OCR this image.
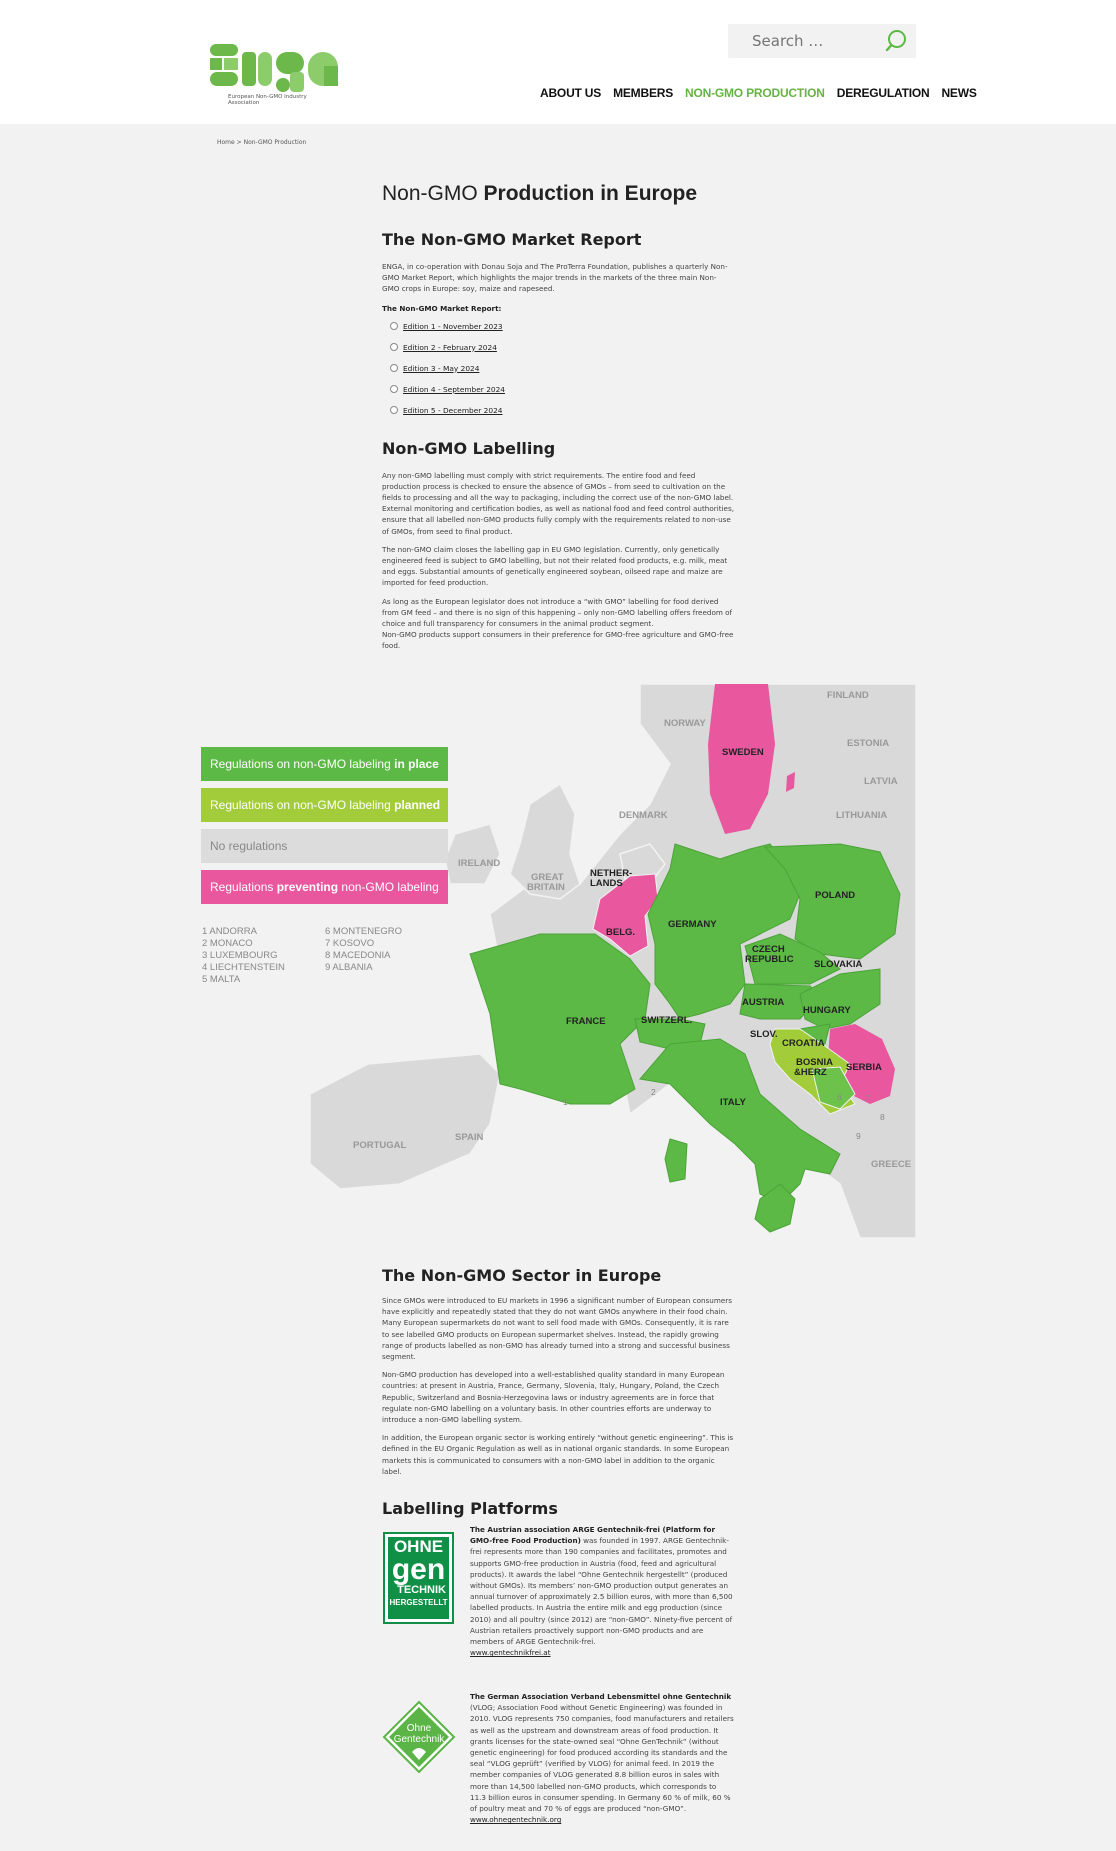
Enga
European Non-GMO Industry Association
Search …
ABOUT US MEMBERS NON-GMO PRODUCTION DEREGULATION NEWS
Home > Non-GMO Production
Non-GMO Production in Europe
The Non-GMO Market Report
ENGA, in co-operation with Donau Soja and The ProTerra Foundation, publishes a quarterly Non-GMO Market Report, which highlights the major trends in the markets of the three main Non-GMO crops in Europe: soy, maize and rapeseed.
The Non-GMO Market Report:
Edition 1 - November 2023
Edition 2 - February 2024
Edition 3 - May 2024
Edition 4 - September 2024
Edition 5 - December 2024
Non-GMO Labelling
Any non-GMO labelling must comply with strict requirements. The entire food and feed production process is checked to ensure the absence of GMOs – from seed to cultivation on the fields to processing and all the way to packaging, including the correct use of the non-GMO label. External monitoring and certification bodies, as well as national food and feed control authorities, ensure that all labelled non-GMO products fully comply with the requirements related to non-use of GMOs, from seed to final product.
The non-GMO claim closes the labelling gap in EU GMO legislation. Currently, only genetically engineered feed is subject to GMO labelling, but not their related food products, e.g. milk, meat and eggs. Substantial amounts of genetically engineered soybean, oilseed rape and maize are imported for feed production.
As long as the European legislator does not introduce a “with GMO” labelling for food derived from GM feed – and there is no sign of this happening – only non-GMO labelling offers freedom of choice and full transparency for consumers in the animal product segment.
Non-GMO products support consumers in their preference for GMO-free agriculture and GMO-free food.
FINLAND
NORWAY
SWEDEN
ESTONIA
LATVIA
LITHUANIA
DENMARK
IRELAND
GREAT
BRITAIN
NETHER-
LANDS
POLAND
GERMANY
BELG.
CZECH
REPUBLIC SLOVAKIA
AUSTRIA
HUNGARY
FRANCE	SWITZERL.
SLOV.
CROATIA
BOSNIA
&HERZ SERBIA
ITALY
PORTUGAL
SPAIN
GREECE
1
2	6	7
8
9
Regulations on non-GMO labeling in place
Regulations on non-GMO labeling planned
No regulations
Regulations preventing non-GMO labeling
1 ANDORRA
2 MONACO
3 LUXEMBOURG
4 LIECHTENSTEIN
5 MALTA
6 MONTENEGRO
7 KOSOVO
8 MACEDONIA
9 ALBANIA
The Non-GMO Sector in Europe
Since GMOs were introduced to EU markets in 1996 a significant number of European consumers have explicitly and repeatedly stated that they do not want GMOs anywhere in their food chain. Many European supermarkets do not want to sell food made with GMOs. Consequently, it is rare to see labelled GMO products on European supermarket shelves. Instead, the rapidly growing range of products labelled as non-GMO has already turned into a strong and successful business segment.
Non-GMO production has developed into a well-established quality standard in many European countries: at present in Austria, France, Germany, Slovenia, Italy, Hungary, Poland, the Czech Republic, Switzerland and Bosnia-Herzegovina laws or industry agreements are in force that regulate non-GMO labelling on a voluntary basis. In other countries efforts are underway to introduce a non-GMO labelling system.
In addition, the European organic sector is working entirely “without genetic engineering”. This is defined in the EU Organic Regulation as well as in national organic standards. In some European markets this is communicated to consumers with a non-GMO label in addition to the organic label.
Labelling Platforms
OHNE
gen
TECHNIK
HERGESTELLT
The Austrian association ARGE Gentechnik-frei (Platform for GMO-free Food Production) was founded in 1997. ARGE Gentechnik-frei represents more than 190 companies and facilitates, promotes and supports GMO-free production in Austria (food, feed and agricultural products). It awards the label “Ohne Gentechnik hergestellt” (produced without GMOs). Its members’ non-GMO production output generates an annual turnover of approximately 2.5 billion euros, with more than 6,500 labelled products. In Austria the entire milk and egg production (since 2010) and all poultry (since 2012) are “non-GMO”. Ninety-five percent of Austrian retailers proactively support non-GMO products and are members of ARGE Gentechnik-frei.
www.gentechnikfrei.at
Ohne
Gentechnik
The German Association Verband Lebensmittel ohne Gentechnik (VLOG; Association Food without Genetic Engineering) was founded in 2010. VLOG represents 750 companies, food manufacturers and retailers as well as the upstream and downstream areas of food production. It grants licenses for the state-owned seal “Ohne GenTechnik” (without genetic engineering) for food produced according its standards and the seal “VLOG geprüft” (verified by VLOG) for animal feed. In 2019 the member companies of VLOG generated 8.8 billion euros in sales with more than 14,500 labelled non-GMO products, which corresponds to 11.3 billion euros in consumer spending. In Germany 60 % of milk, 60 % of poultry meat and 70 % of eggs are produced “non-GMO”.
www.ohnegentechnik.org
